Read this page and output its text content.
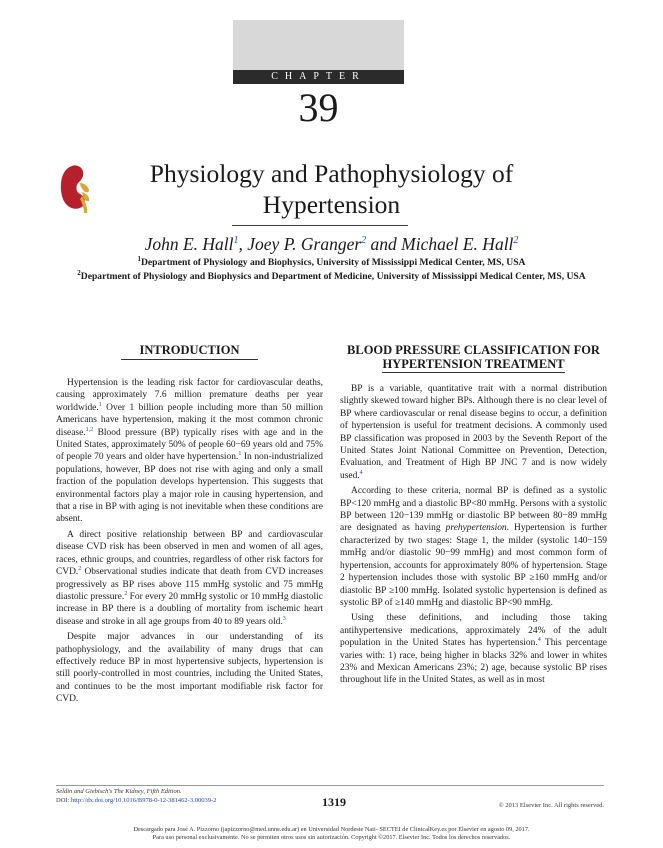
CHAPTER
39
Physiology and Pathophysiology of
Hypertension
John E. Hall$^1$, Joey P. Granger$^2$ and Michael E. Hall$^2$
$^1$Department of Physiology and Biophysics, University of Mississippi Medical Center, MS, USA
$^2$Department of Physiology and Biophysics and Department of Medicine, University of Mississippi Medical Center, MS, USA
INTRODUCTION

Hypertension is the leading risk factor for cardiovascular deaths, causing approximately 7.6 million premature deaths per year worldwide.$^1$ Over 1 billion people including more than 50 million Americans have hypertension, making it the most common chronic disease.$^{1,2}$ Blood pressure (BP) typically rises with age and in the United States, approximately 50% of people 60−69 years old and 75% of people 70 years and older have hypertension.$^1$ In non-industrialized populations, however, BP does not rise with aging and only a small fraction of the population develops hypertension. This suggests that environmental factors play a major role in causing hypertension, and that a rise in BP with aging is not inevitable when these conditions are absent.

A direct positive relationship between BP and cardiovascular disease CVD risk has been observed in men and women of all ages, races, ethnic groups, and countries, regardless of other risk factors for CVD.$^2$ Observational studies indicate that death from CVD increases progressively as BP rises above 115 mmHg systolic and 75 mmHg diastolic pressure.$^2$ For every 20 mmHg systolic or 10 mmHg diastolic increase in BP there is a doubling of mortality from ischemic heart disease and stroke in all age groups from 40 to 89 years old.$^3$

Despite major advances in our understanding of its pathophysiology, and the availability of many drugs that can effectively reduce BP in most hypertensive subjects, hypertension is still poorly-controlled in most countries, including the United States, and continues to be the most important modifiable risk factor for CVD.

BLOOD PRESSURE CLASSIFICATION FOR
HYPERTENSION TREATMENT

BP is a variable, quantitative trait with a normal distribution slightly skewed toward higher BPs. Although there is no clear level of BP where cardiovascular or renal disease begins to occur, a definition of hypertension is useful for treatment decisions. A commonly used BP classification was proposed in 2003 by the Seventh Report of the United States Joint National Committee on Prevention, Detection, Evaluation, and Treatment of High BP JNC 7 and is now widely used.$^4$

According to these criteria, normal BP is defined as a systolic BP<120 mmHg and a diastolic BP<80 mmHg. Persons with a systolic BP between 120−139 mmHg or diastolic BP between 80−89 mmHg are designated as having prehypertension. Hypertension is further characterized by two stages: Stage 1, the milder (systolic 140−159 mmHg and/or diastolic 90−99 mmHg) and most common form of hypertension, accounts for approximately 80% of hypertension. Stage 2 hypertension includes those with systolic BP ≥160 mmHg and/or diastolic BP ≥100 mmHg. Isolated systolic hypertension is defined as systolic BP of ≥140 mmHg and diastolic BP<90 mmHg.

Using these definitions, and including those taking antihypertensive medications, approximately 24% of the adult population in the United States has hypertension.$^4$ This percentage varies with: 1) race, being higher in blacks 32% and lower in whites 23% and Mexican Americans 23%; 2) age, because systolic BP rises throughout life in the United States, as well as in most

Seldin and Giebisch's The Kidney, Fifth Edition.
DOI: http://dx.doi.org/10.1016/B978-0-12-381462-3.00039-2	1319	© 2013 Elsevier Inc. All rights reserved.
Descargado para José A. Pizzorno (japizzorno@med.unne.edu.ar) en Universidad Nordeste Nati- SECTEI de ClinicalKey.es por Elsevier en agosto 09, 2017.
Para uso personal exclusivamente. No se permiten otros usos sin autorización. Copyright ©2017. Elsevier Inc. Todos los derechos reservados.
